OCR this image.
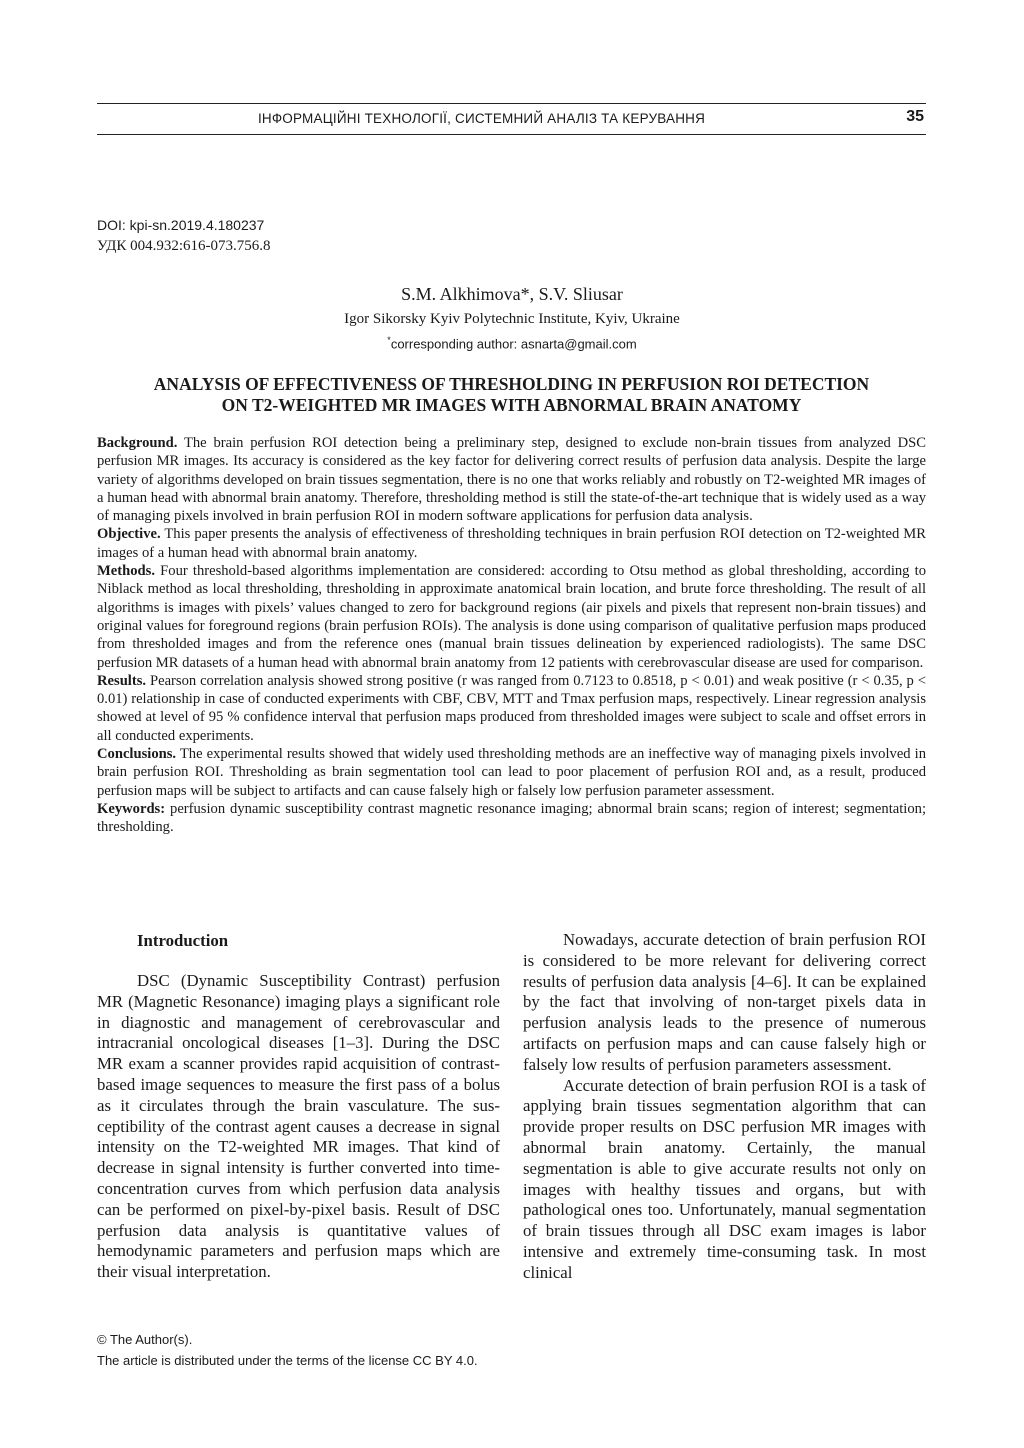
ІНФОРМАЦІЙНІ ТЕХНОЛОГІЇ, СИСТЕМНИЙ АНАЛІЗ ТА КЕРУВАННЯ	35
DOI: kpi-sn.2019.4.180237
УДК 004.932:616-073.756.8
S.M. Alkhimova*, S.V. Sliusar
Igor Sikorsky Kyiv Polytechnic Institute, Kyiv, Ukraine
*corresponding author: asnarta@gmail.com
ANALYSIS OF EFFECTIVENESS OF THRESHOLDING IN PERFUSION ROI DETECTION
ON T2-WEIGHTED MR IMAGES WITH ABNORMAL BRAIN ANATOMY

Background. The brain perfusion ROI detection being a preliminary step, designed to exclude non-brain tissues from analyzed DSC perfusion MR images. Its accuracy is considered as the key factor for delivering correct results of perfusion data analysis. Despite the large variety of algorithms developed on brain tissues segmentation, there is no one that works reliably and robustly on T2-weighted MR images of a human head with abnormal brain anatomy. Therefore, thresholding method is still the state-of-the-art technique that is widely used as a way of managing pixels involved in brain perfusion ROI in modern software applications for perfusion data analysis.

Objective. This paper presents the analysis of effectiveness of thresholding techniques in brain perfusion ROI detection on T2-weighted MR images of a human head with abnormal brain anatomy.

Methods. Four threshold-based algorithms implementation are considered: according to Otsu method as global thresholding, according to Niblack method as local thresholding, thresholding in approximate anatomical brain location, and brute force thresholding. The result of all algorithms is images with pixels’ values changed to zero for background regions (air pixels and pixels that represent non-brain tissues) and original values for foreground regions (brain perfusion ROIs). The analysis is done using comparison of qualitative perfusion maps produced from thresholded images and from the reference ones (manual brain tissues delineation by experienced radiologists). The same DSC perfusion MR datasets of a human head with abnormal brain anatomy from 12 patients with cerebrovascular disease are used for comparison.

Results. Pearson correlation analysis showed strong positive (r was ranged from 0.7123 to 0.8518, p < 0.01) and weak positive (r < 0.35, p < 0.01) relationship in case of conducted experiments with CBF, CBV, MTT and Tmax perfusion maps, respectively. Linear regression analysis showed at level of 95 % confidence interval that perfusion maps produced from thresholded images were subject to scale and offset errors in all conducted experiments.

Conclusions. The experimental results showed that widely used thresholding methods are an ineffective way of managing pixels involved in brain perfusion ROI. Thresholding as brain segmentation tool can lead to poor placement of perfusion ROI and, as a result, produced perfusion maps will be subject to artifacts and can cause falsely high or falsely low perfusion parameter assessment.

Keywords: perfusion dynamic susceptibility contrast magnetic resonance imaging; abnormal brain scans; region of interest; segmentation; thresholding.

Introduction

DSC (Dynamic Susceptibility Contrast) perfusion MR (Magnetic Resonance) imaging plays a significant role in diagnostic and management of cerebrovascular and intracranial oncological diseases [1–3]. During the DSC MR exam a scanner provides rapid acquisition of contrast-based image sequences to measure the first pass of a bolus as it circulates through the brain vasculature. The susceptibility of the contrast agent causes a decrease in signal intensity on the T2-weighted MR images. That kind of decrease in signal intensity is further converted into time-concentration curves from which perfusion data analysis can be performed on pixel-by-pixel basis. Result of DSC perfusion data analysis is quantitative values of hemodynamic parameters and perfusion maps which are their visual interpretation.

Nowadays, accurate detection of brain perfusion ROI is considered to be more relevant for delivering correct results of perfusion data analysis [4–6]. It can be explained by the fact that involving of non-target pixels data in perfusion analysis leads to the presence of numerous artifacts on perfusion maps and can cause falsely high or falsely low results of perfusion parameters assessment.

Accurate detection of brain perfusion ROI is a task of applying brain tissues segmentation algorithm that can provide proper results on DSC perfusion MR images with abnormal brain anatomy. Certainly, the manual segmentation is able to give accurate results not only on images with healthy tissues and organs, but with pathological ones too. Unfortunately, manual segmentation of brain tissues through all DSC exam images is labor intensive and extremely time-consuming task. In most clinical

© The Author(s).
The article is distributed under the terms of the license CC BY 4.0.
